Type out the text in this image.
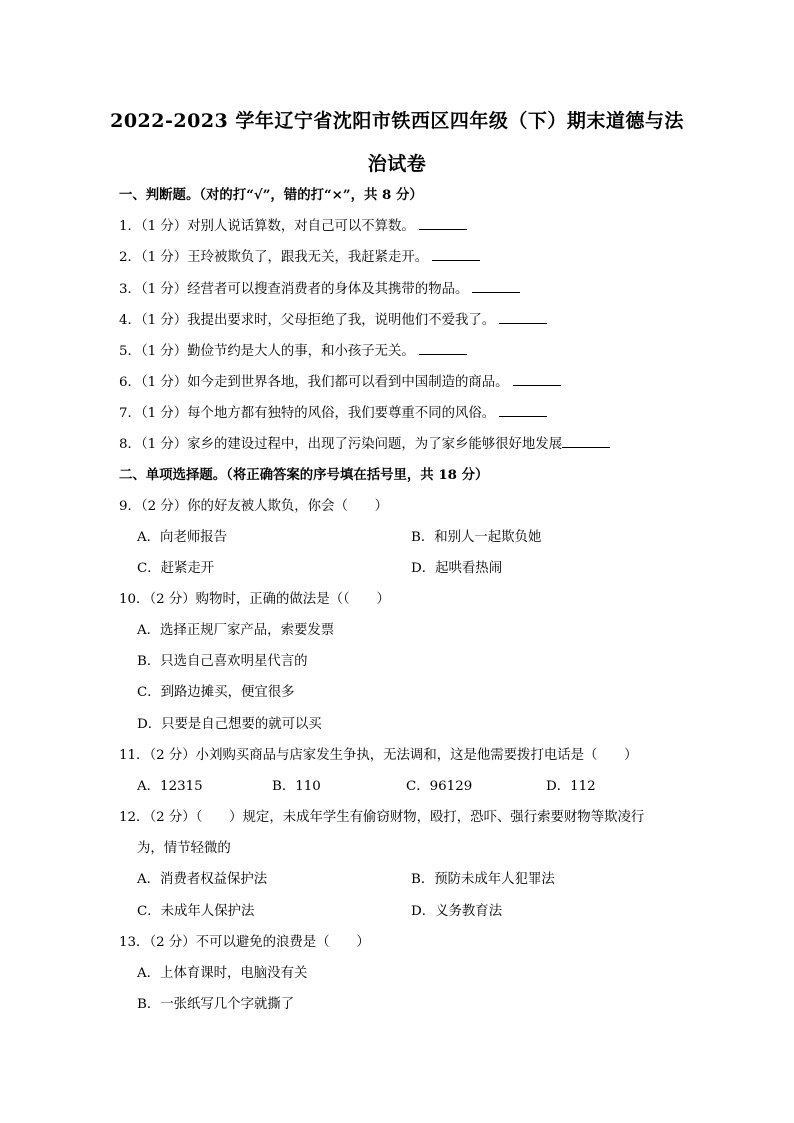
2022-2023 学年辽宁省沈阳市铁西区四年级（下）期末道德与法
治试卷
一、判断题。（对的打“√”，错的打“×”，共 8 分）
1．（1 分）对别人说话算数，对自己可以不算数。
2．（1 分）王玲被欺负了，跟我无关，我赶紧走开。
3．（1 分）经营者可以搜查消费者的身体及其携带的物品。
4．（1 分）我提出要求时，父母拒绝了我，说明他们不爱我了。
5．（1 分）勤俭节约是大人的事，和小孩子无关。
6．（1 分）如今走到世界各地，我们都可以看到中国制造的商品。
7．（1 分）每个地方都有独特的风俗，我们要尊重不同的风俗。
8．（1 分）家乡的建设过程中，出现了污染问题，为了家乡能够很好地发展
二、单项选择题。（将正确答案的序号填在括号里，共 18 分）
9．（2 分）你的好友被人欺负，你会（　　）
A．向老师报告	B．和别人一起欺负她
C．赶紧走开	D．起哄看热闹
10．（2 分）购物时，正确的做法是（（　　）
A．选择正规厂家产品，索要发票
B．只选自己喜欢明星代言的
C．到路边摊买，便宜很多
D．只要是自己想要的就可以买
11．（2 分）小刘购买商品与店家发生争执，无法调和，这是他需要拨打电话是（　　）
A．12315	B．110	C．96129	D．112
12．（2 分）（　　）规定，未成年学生有偷窃财物，殴打，恐吓、强行索要财物等欺凌行
为，情节轻微的
A．消费者权益保护法	B．预防未成年人犯罪法
C．未成年人保护法	D．义务教育法
13．（2 分）不可以避免的浪费是（　　）
A．上体育课时，电脑没有关
B．一张纸写几个字就撕了
